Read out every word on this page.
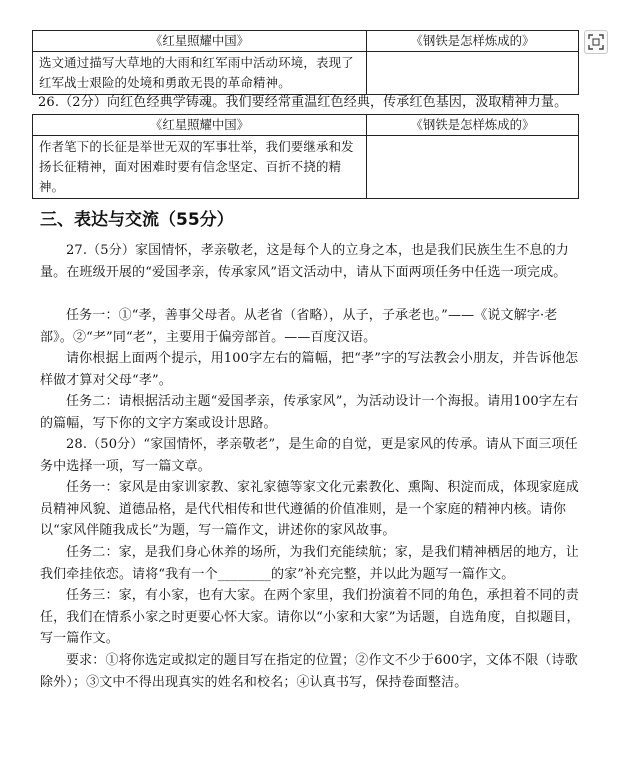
《红星照耀中国》	《钢铁是怎样炼成的》
选文通过描写大草地的大雨和红军雨中活动环境，表现了红军战士艰险的处境和勇敢无畏的革命精神。	
26.（2分）向红色经典学铸魂。我们要经常重温红色经典，传承红色基因，汲取精神力量。
《红星照耀中国》	《钢铁是怎样炼成的》
作者笔下的长征是举世无双的军事壮举，我们要继承和发扬长征精神，面对困难时要有信念坚定、百折不挠的精神。	
三、表达与交流（55分）
27.（5分）家国情怀，孝亲敬老，这是每个人的立身之本，也是我们民族生生不息的力量。在班级开展的“爱国孝亲，传承家风”语文活动中，请从下面两项任务中任选一项完成。
任务一：①“孝，善事父母者。从老省（省略），从子，子承老也。”——《说文解字·老部》。②“耂”同“老”，主要用于偏旁部首。——百度汉语。
请你根据上面两个提示，用100字左右的篇幅，把“孝”字的写法教会小朋友，并告诉他怎样做才算对父母“孝”。
任务二：请根据活动主题“爱国孝亲，传承家风”，为活动设计一个海报。请用100字左右的篇幅，写下你的文字方案或设计思路。
28.（50分）“家国情怀，孝亲敬老”，是生命的自觉，更是家风的传承。请从下面三项任务中选择一项，写一篇文章。
任务一：家风是由家训家教、家礼家德等家文化元素教化、熏陶、积淀而成，体现家庭成员精神风貌、道德品格，是代代相传和世代遵循的价值准则，是一个家庭的精神内核。请你以“家风伴随我成长”为题，写一篇作文，讲述你的家风故事。
任务二：家，是我们身心休养的场所，为我们充能续航；家，是我们精神栖居的地方，让我们牵挂依恋。请将“我有一个________的家”补充完整，并以此为题写一篇作文。
任务三：家，有小家，也有大家。在两个家里，我们扮演着不同的角色，承担着不同的责任，我们在情系小家之时更要心怀大家。请你以“小家和大家”为话题，自选角度，自拟题目，写一篇作文。
要求：①将你选定或拟定的题目写在指定的位置；②作文不少于600字，文体不限（诗歌除外）；③文中不得出现真实的姓名和校名；④认真书写，保持卷面整洁。
